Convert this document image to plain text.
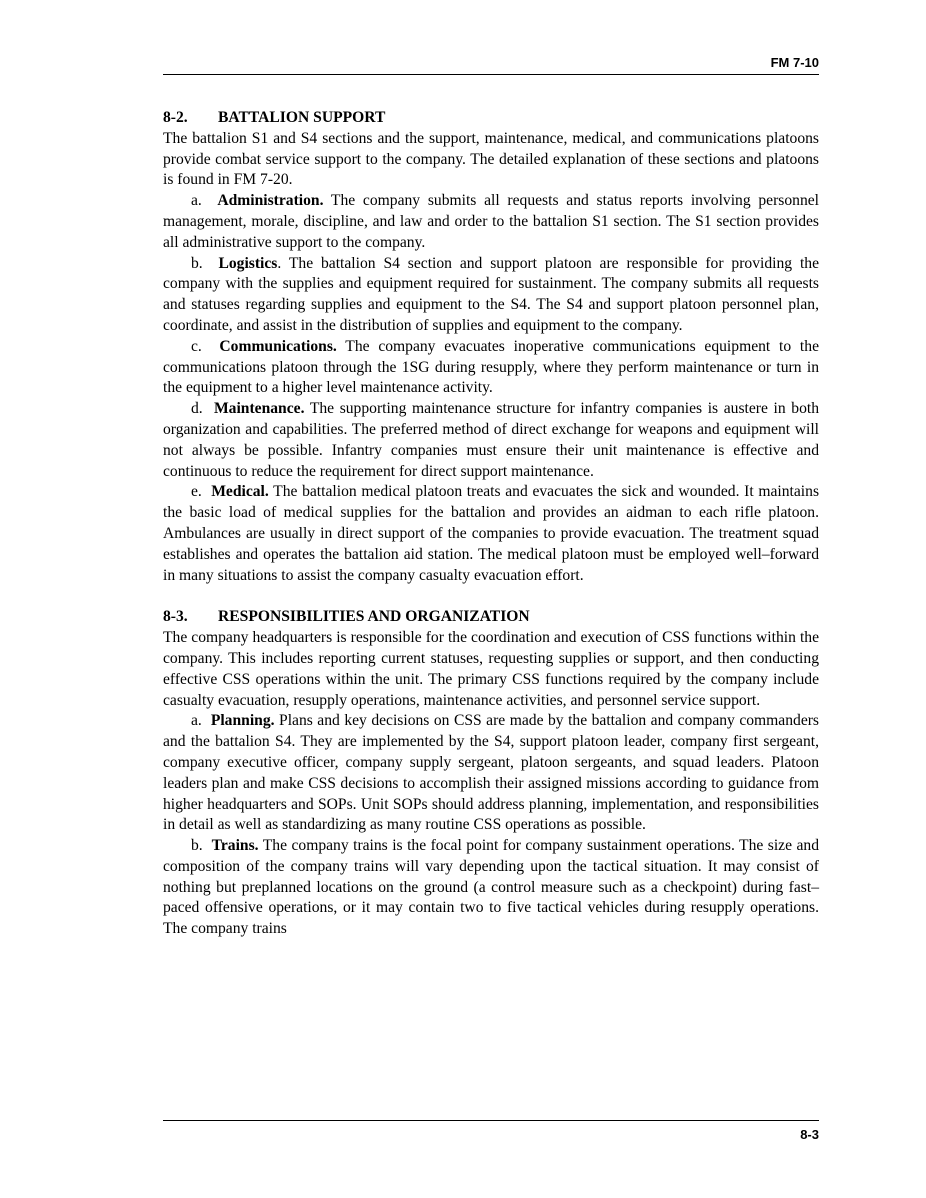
FM 7-10
8-2. BATTALION SUPPORT

The battalion S1 and S4 sections and the support, maintenance, medical, and communications platoons provide combat service support to the company. The detailed explanation of these sections and platoons is found in FM 7-20.

a. Administration. The company submits all requests and status reports involving personnel management, morale, discipline, and law and order to the battalion S1 section. The S1 section provides all administrative support to the company.

b. Logistics. The battalion S4 section and support platoon are responsible for providing the company with the supplies and equipment required for sustainment. The company submits all requests and statuses regarding supplies and equipment to the S4. The S4 and support platoon personnel plan, coordinate, and assist in the distribution of supplies and equipment to the company.

c. Communications. The company evacuates inoperative communications equipment to the communications platoon through the 1SG during resupply, where they perform maintenance or turn in the equipment to a higher level maintenance activity.

d. Maintenance. The supporting maintenance structure for infantry companies is austere in both organization and capabilities. The preferred method of direct exchange for weapons and equipment will not always be possible. Infantry companies must ensure their unit maintenance is effective and continuous to reduce the requirement for direct support maintenance.

e. Medical. The battalion medical platoon treats and evacuates the sick and wounded. It maintains the basic load of medical supplies for the battalion and provides an aidman to each rifle platoon. Ambulances are usually in direct support of the companies to provide evacuation. The treatment squad establishes and operates the battalion aid station. The medical platoon must be employed well–forward in many situations to assist the company casualty evacuation effort.

8-3. RESPONSIBILITIES AND ORGANIZATION

The company headquarters is responsible for the coordination and execution of CSS functions within the company. This includes reporting current statuses, requesting supplies or support, and then conducting effective CSS operations within the unit. The primary CSS functions required by the company include casualty evacuation, resupply operations, maintenance activities, and personnel service support.

a. Planning. Plans and key decisions on CSS are made by the battalion and company commanders and the battalion S4. They are implemented by the S4, support platoon leader, company first sergeant, company executive officer, company supply sergeant, platoon sergeants, and squad leaders. Platoon leaders plan and make CSS decisions to accomplish their assigned missions according to guidance from higher headquarters and SOPs. Unit SOPs should address planning, implementation, and responsibilities in detail as well as standardizing as many routine CSS operations as possible.

b. Trains. The company trains is the focal point for company sustainment operations. The size and composition of the company trains will vary depending upon the tactical situation. It may consist of nothing but preplanned locations on the ground (a control measure such as a checkpoint) during fast–paced offensive operations, or it may contain two to five tactical vehicles during resupply operations. The company trains

8-3
